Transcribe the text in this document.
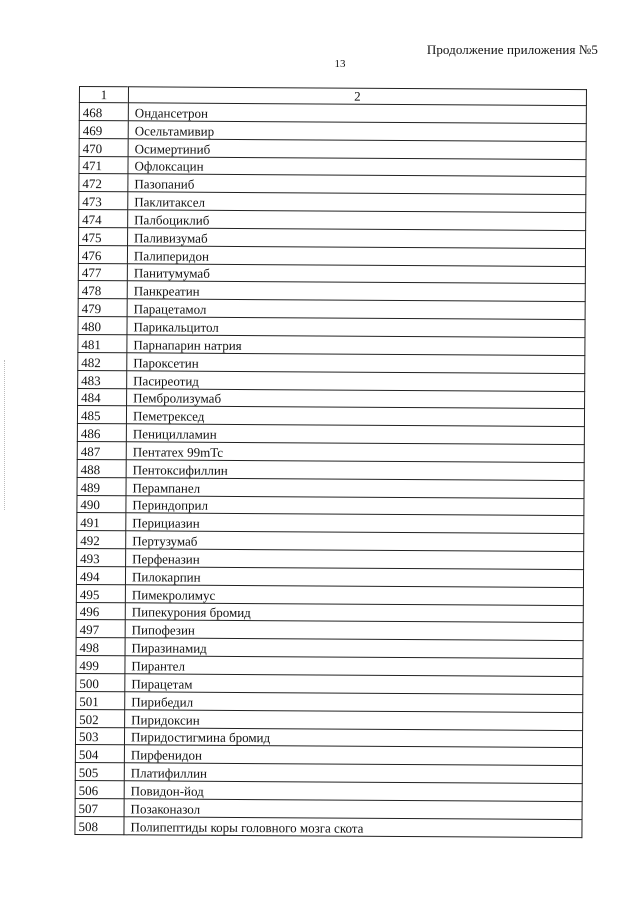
Продолжение приложения №5
13
1	2
468	Ондансетрон
469	Осельтамивир
470	Осимертиниб
471	Офлоксацин
472	Пазопаниб
473	Паклитаксел
474	Палбоциклиб
475	Паливизумаб
476	Палиперидон
477	Панитумумаб
478	Панкреатин
479	Парацетамол
480	Парикальцитол
481	Парнапарин натрия
482	Пароксетин
483	Пасиреотид
484	Пембролизумаб
485	Пеметрексед
486	Пеницилламин
487	Пентатех 99mTc
488	Пентоксифиллин
489	Перампанел
490	Периндоприл
491	Перициазин
492	Пертузумаб
493	Перфеназин
494	Пилокарпин
495	Пимекролимус
496	Пипекурония бромид
497	Пипофезин
498	Пиразинамид
499	Пирантел
500	Пирацетам
501	Пирибедил
502	Пиридоксин
503	Пиридостигмина бромид
504	Пирфенидон
505	Платифиллин
506	Повидон-йод
507	Позаконазол
508	Полипептиды коры головного мозга скота
